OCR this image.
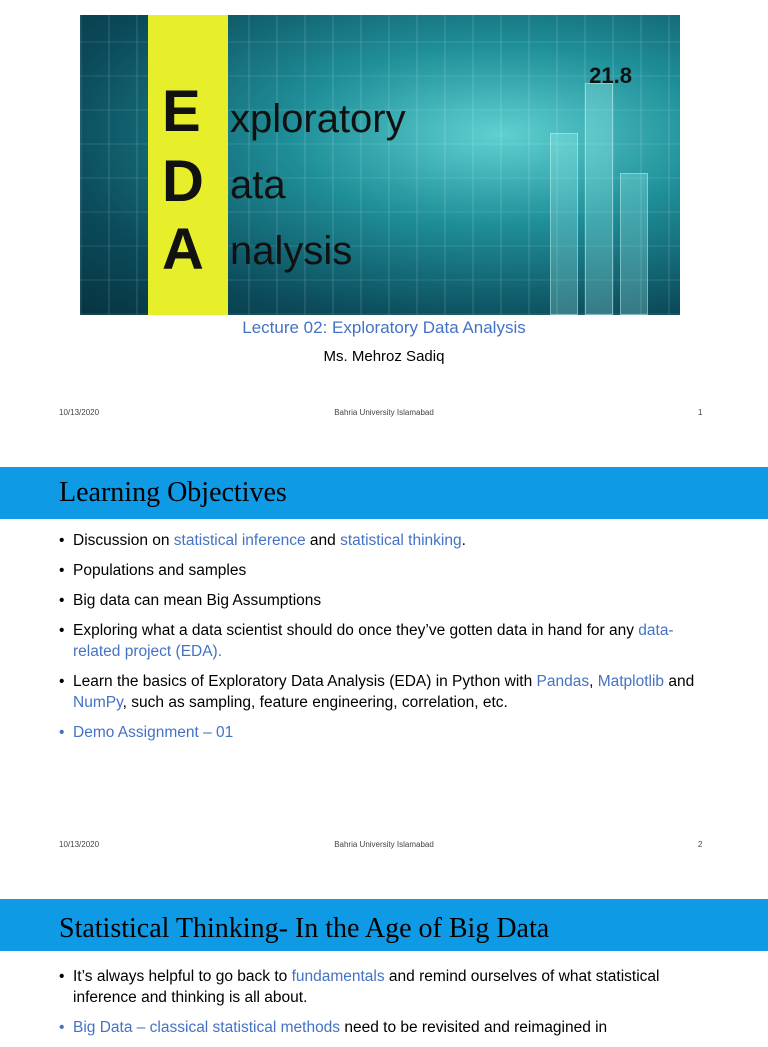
E xploratory
D ata
A nalysis
21.8
Lecture 02: Exploratory Data Analysis
Ms. Mehroz Sadiq
10/13/2020	Bahria University Islamabad	1
Learning Objectives
• Discussion on statistical inference and statistical thinking.
• Populations and samples
• Big data can mean Big Assumptions
• Exploring what a data scientist should do once they’ve gotten data in hand for any data-related project (EDA).
• Learn the basics of Exploratory Data Analysis (EDA) in Python with Pandas, Matplotlib and NumPy, such as sampling, feature engineering, correlation, etc.
• Demo Assignment – 01
10/13/2020	Bahria University Islamabad	2
Statistical Thinking- In the Age of Big Data
• It’s always helpful to go back to fundamentals and remind ourselves of what statistical inference and thinking is all about.
• Big Data – classical statistical methods need to be revisited and reimagined in
